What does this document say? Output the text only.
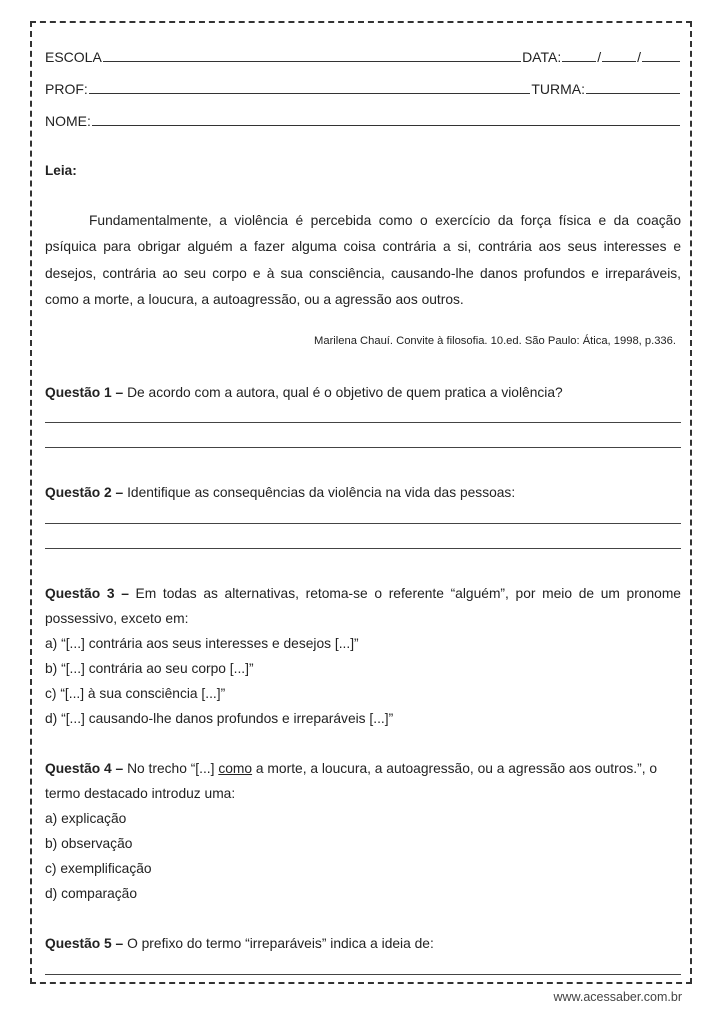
ESCOLA	DATA:	/	/
PROF:	TURMA:
NOME:
Leia:
Fundamentalmente, a violência é percebida como o exercício da força física e da coação psíquica para obrigar alguém a fazer alguma coisa contrária a si, contrária aos seus interesses e desejos, contrária ao seu corpo e à sua consciência, causando-lhe danos profundos e irreparáveis, como a morte, a loucura, a autoagressão, ou a agressão aos outros.
Marilena Chauí. Convite à filosofia. 10.ed. São Paulo: Ática, 1998, p.336.
Questão 1 – De acordo com a autora, qual é o objetivo de quem pratica a violência?
Questão 2 – Identifique as consequências da violência na vida das pessoas:
Questão 3 – Em todas as alternativas, retoma-se o referente “alguém”, por meio de um pronome possessivo, exceto em:
a) “[...] contrária aos seus interesses e desejos [...]”
b) “[...] contrária ao seu corpo [...]”
c) “[...] à sua consciência [...]”
d) “[...] causando-lhe danos profundos e irreparáveis [...]”
Questão 4 – No trecho “[...] como a morte, a loucura, a autoagressão, ou a agressão aos outros.”, o termo destacado introduz uma:
a) explicação
b) observação
c) exemplificação
d) comparação
Questão 5 – O prefixo do termo “irreparáveis” indica a ideia de:
www.acessaber.com.br
